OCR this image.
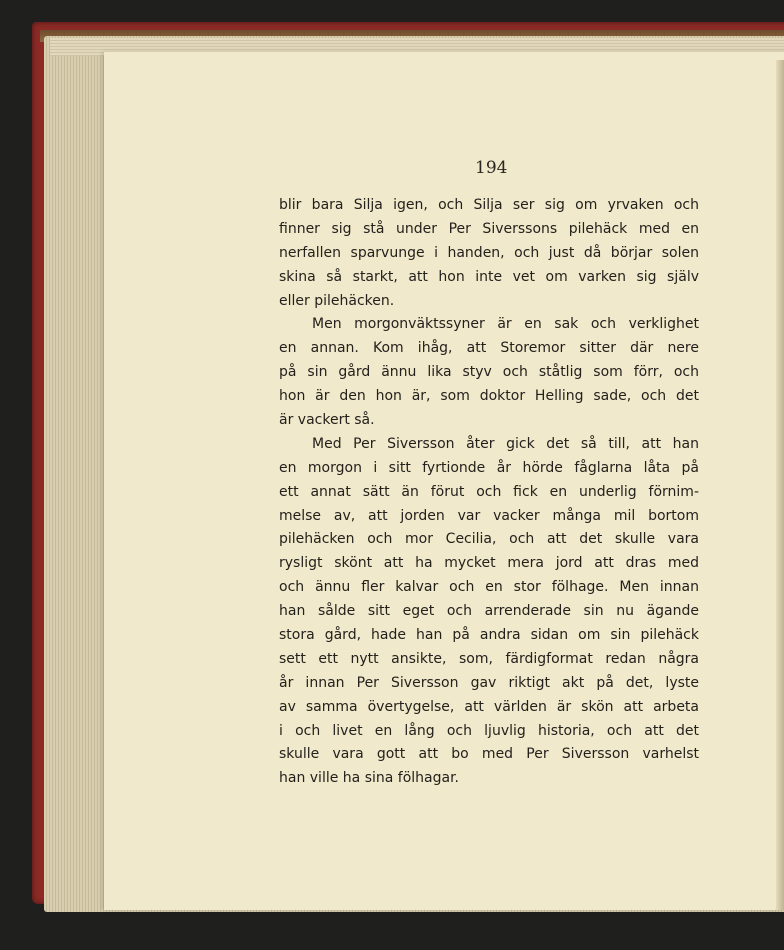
194
blir bara Silja igen, och Silja ser sig om yrvaken och
finner sig stå under Per Siverssons pilehäck med en
nerfallen sparvunge i handen, och just då börjar solen
skina så starkt, att hon inte vet om varken sig själv
eller pilehäcken.
Men morgonväktssyner är en sak och verklighet
en annan. Kom ihåg, att Storemor sitter där nere
på sin gård ännu lika styv och ståtlig som förr, och
hon är den hon är, som doktor Helling sade, och det
är vackert så.
Med Per Siversson åter gick det så till, att han
en morgon i sitt fyrtionde år hörde fåglarna låta på
ett annat sätt än förut och fick en underlig förnim-
melse av, att jorden var vacker många mil bortom
pilehäcken och mor Cecilia, och att det skulle vara
rysligt skönt att ha mycket mera jord att dras med
och ännu fler kalvar och en stor fölhage. Men innan
han sålde sitt eget och arrenderade sin nu ägande
stora gård, hade han på andra sidan om sin pilehäck
sett ett nytt ansikte, som, färdigformat redan några
år innan Per Siversson gav riktigt akt på det, lyste
av samma övertygelse, att världen är skön att arbeta
i och livet en lång och ljuvlig historia, och att det
skulle vara gott att bo med Per Siversson varhelst
han ville ha sina fölhagar.
